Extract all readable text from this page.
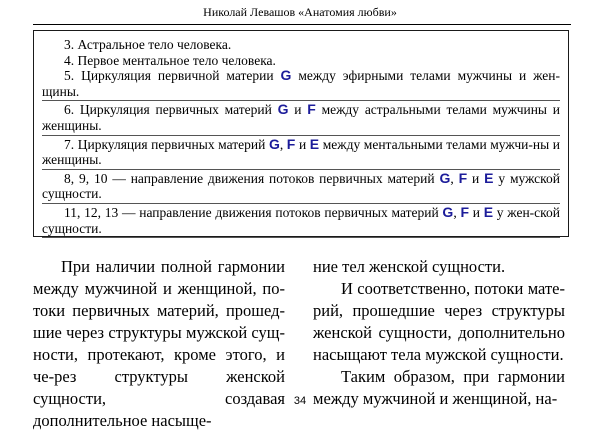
Николай Левашов «Анатомия любви»

3. Астральное тело человека.

4. Первое ментальное тело человека.

5. Циркуляция первичной материи G между эфирными телами мужчины и жен-щины.

6. Циркуляция первичных материй G и F между астральными телами мужчины и женщины.

7. Циркуляция первичных материй G, F и E между ментальными телами мужчи-ны и женщины.

8, 9, 10 — направление движения потоков первичных материй G, F и E у мужской сущности.

11, 12, 13 — направление движения потоков первичных материй G, F и E у жен-ской сущности.

При наличии полной гармонии между мужчиной и женщиной, по-токи первичных материй, прошед-шие через структуры мужской сущ-ности, протекают, кроме этого, и че-рез структуры женской сущности, создавая дополнительное насыще-

ние тел женской сущности.

И соответственно, потоки мате-рий, прошедшие через структуры женской сущности, дополнительно насыщают тела мужской сущности.

Таким образом, при гармонии между мужчиной и женщиной, на-

34
